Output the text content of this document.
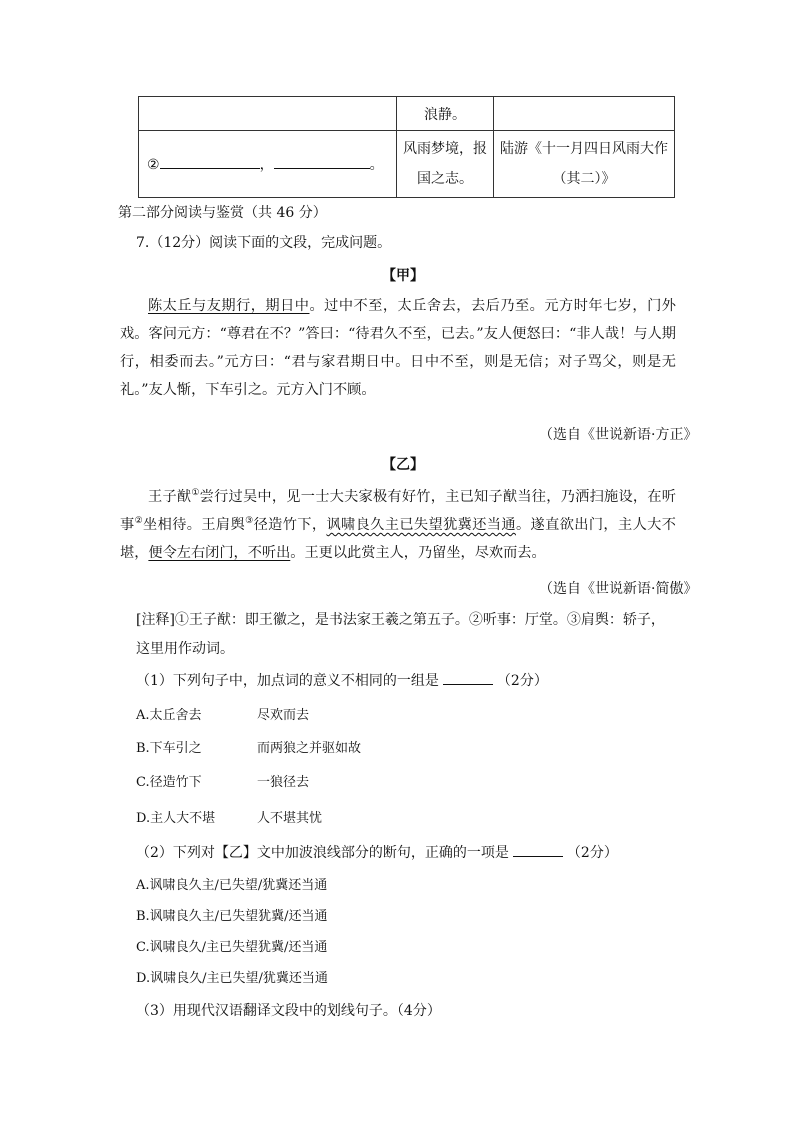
	浪静。	
② ， 。	风雨梦境，报国之志。	陆游《十一月四日风雨大作（其二）》
第二部分阅读与鉴赏（共 46 分）
7.（12分）阅读下面的文段，完成问题。
【甲】
陈太丘与友期行，期日中。过中不至，太丘舍去，去后乃至。元方时年七岁，门外戏。客问元方：“尊君在不？”答曰：“待君久不至，已去。”友人便怒曰：“非人哉！与人期行，相委而去。”元方曰：“君与家君期日中。日中不至，则是无信；对子骂父，则是无礼。”友人惭，下车引之。元方入门不顾。
（选自《世说新语·方正》
【乙】
王子猷①尝行过吴中，见一士大夫家极有好竹，主已知子猷当往，乃洒扫施设，在听事②坐相待。王肩舆③径造竹下，讽啸良久主已失望犹冀还当通。遂直欲出门，主人大不堪，便令左右闭门，不听出。王更以此赏主人，乃留坐，尽欢而去。
（选自《世说新语·简傲》
[注释]①王子猷：即王徽之，是书法家王羲之第五子。②听事：厅堂。③肩舆：轿子，
这里用作动词。
（1）下列句子中，加点词的意义不相同的一组是	（2分）
A.太丘舍去	尽欢而去
B.下车引之	而两狼之并驱如故
C.径造竹下	一狼径去
D.主人大不堪	人不堪其忧
（2）下列对【乙】文中加波浪线部分的断句，正确的一项是	（2分）
A.讽啸良久主/已失望/犹冀还当通
B.讽啸良久主/已失望犹冀/还当通
C.讽啸良久/主已失望犹冀/还当通
D.讽啸良久/主已失望/犹冀还当通
（3）用现代汉语翻译文段中的划线句子。（4分）
